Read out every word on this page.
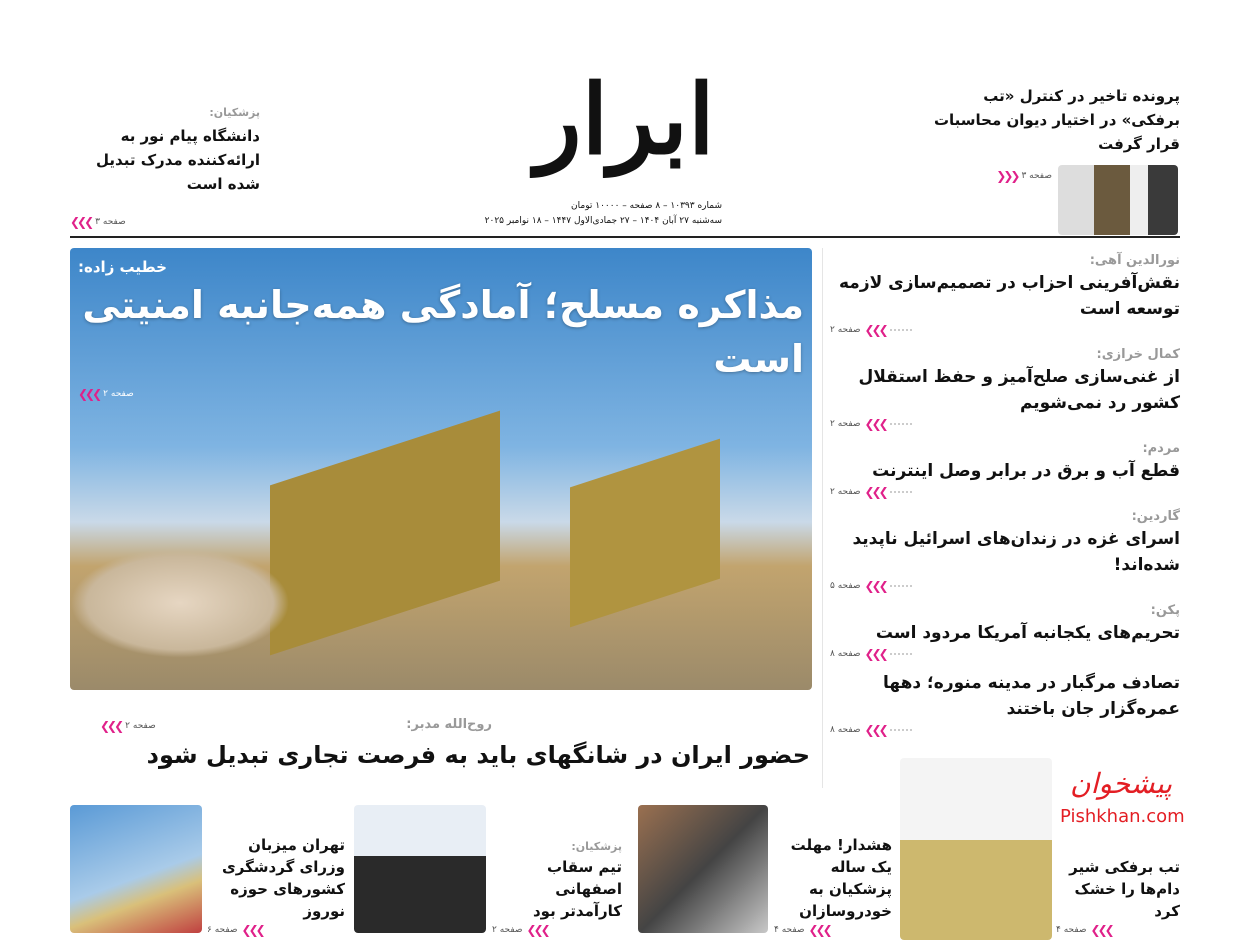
ابرار
شماره ۱۰۳۹۳ – ۸ صفحه – ۱۰۰۰۰ تومان
سه‌شنبه ۲۷ آبان ۱۴۰۴ – ۲۷ جمادی‌الاول ۱۴۴۷ – ۱۸ نوامبر ۲۰۲۵
پرونده تاخیر در کنترل «تب برفکی» در اختیار دیوان محاسبات قرار گرفت
صفحه ۳
❮❮❮
پزشکیان:
دانشگاه پیام نور به ارائه‌کننده مدرک تبدیل شده است
❮❮❮ صفحه ۳
خطیب زاده:
مذاکره مسلح؛ آمادگی همه‌جانبه امنیتی است
❮❮❮ صفحه ۲
روح‌الله مدبر:
❮❮❮ صفحه ۲
حضور ایران در شانگهای باید به فرصت تجاری تبدیل شود
نورالدین آهی:
نقش‌آفرینی احزاب در تصمیم‌سازی لازمه توسعه است
صفحه ۲ ❮❮❮
کمال خرازی:
از غنی‌سازی صلح‌آمیز و حفظ استقلال کشور رد نمی‌شویم
صفحه ۲ ❮❮❮
مردم:
قطع آب و برق در برابر وصل اینترنت
صفحه ۲ ❮❮❮
گاردین:
اسرای غزه در زندان‌های اسرائیل ناپدید شده‌اند!
صفحه ۵ ❮❮❮
پکن:
تحریم‌های یکجانبه آمریکا مردود است
صفحه ۸ ❮❮❮
تصادف مرگبار در مدینه منوره؛ دهها عمره‌گزار جان باختند
صفحه ۸ ❮❮❮
تب برفکی شیر دام‌ها را خشک کرد
صفحه ۴ ❮❮❮
هشدار! مهلت یک ساله پزشکیان به خودروسازان
صفحه ۴ ❮❮❮
پزشکیان:
تیم سقاب اصفهانی کارآمدتر بود
صفحه ۲ ❮❮❮
تهران میزبان وزرای گردشگری کشورهای حوزه نوروز
صفحه ۶ ❮❮❮
پیشخوان
Pishkhan.com
